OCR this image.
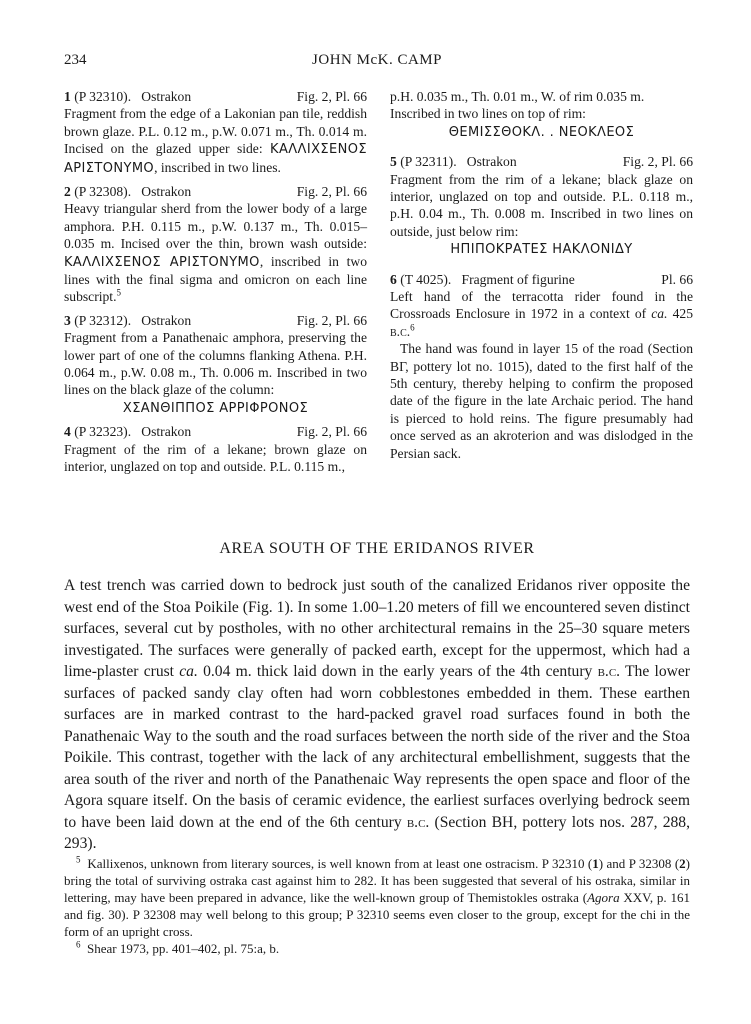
234	JOHN McK. CAMP
1 (P 32310). Ostrakon	Fig. 2, Pl. 66

Fragment from the edge of a Lakonian pan tile, reddish brown glaze. P.L. 0.12 m., p.W. 0.071 m., Th. 0.014 m. Incised on the glazed upper side: ΚΑΛΛΙΧΣΕΝΟΣ ΑΡΙΣΤΟΝΥΜΟ, inscribed in two lines.

2 (P 32308). Ostrakon	Fig. 2, Pl. 66

Heavy triangular sherd from the lower body of a large amphora. P.H. 0.115 m., p.W. 0.137 m., Th. 0.015–0.035 m. Incised over the thin, brown wash outside: ΚΑΛΛΙΧΣΕΝΟΣ ΑΡΙΣΤΟΝΥΜΟ, inscribed in two lines with the final sigma and omicron on each line subscript.$^5$

3 (P 32312). Ostrakon	Fig. 2, Pl. 66

Fragment from a Panathenaic amphora, preserving the lower part of one of the columns flanking Athena. P.H. 0.064 m., p.W. 0.08 m., Th. 0.006 m. Inscribed in two lines on the black glaze of the column:

ΧΣΑΝΘΙΠΠΟΣ ΑΡΡΙΦΡΟΝΟΣ

4 (P 32323). Ostrakon	Fig. 2, Pl. 66

Fragment of the rim of a lekane; brown glaze on interior, unglazed on top and outside. P.L. 0.115 m.,

p.H. 0.035 m., Th. 0.01 m., W. of rim 0.035 m. Inscribed in two lines on top of rim:

ΘΕΜΙΣΣΘΟΚΛ. . ΝΕΟΚΛΕΟΣ

5 (P 32311). Ostrakon	Fig. 2, Pl. 66

Fragment from the rim of a lekane; black glaze on interior, unglazed on top and outside. P.L. 0.118 m., p.H. 0.04 m., Th. 0.008 m. Inscribed in two lines on outside, just below rim:

ΗΠΙΠΟΚΡΑΤΕΣ ΗΑΚΛΟΝΙΔΥ

6 (Τ 4025). Fragment of figurine	Pl. 66

Left hand of the terracotta rider found in the Crossroads Enclosure in 1972 in a context of ca. 425 b.c.$^6$

The hand was found in layer 15 of the road (Section ΒΓ, pottery lot no. 1015), dated to the first half of the 5th century, thereby helping to confirm the proposed date of the figure in the late Archaic period. The hand is pierced to hold reins. The figure presumably had once served as an akroterion and was dislodged in the Persian sack.

AREA SOUTH OF THE ERIDANOS RIVER

A test trench was carried down to bedrock just south of the canalized Eridanos river opposite the west end of the Stoa Poikile (Fig. 1). In some 1.00–1.20 meters of fill we encountered seven distinct surfaces, several cut by postholes, with no other architectural remains in the 25–30 square meters investigated. The surfaces were generally of packed earth, except for the uppermost, which had a lime-plaster crust ca. 0.04 m. thick laid down in the early years of the 4th century b.c. The lower surfaces of packed sandy clay often had worn cobblestones embedded in them. These earthen surfaces are in marked contrast to the hard-packed gravel road surfaces found in both the Panathenaic Way to the south and the road surfaces between the north side of the river and the Stoa Poikile. This contrast, together with the lack of any architectural embellishment, suggests that the area south of the river and north of the Panathenaic Way represents the open space and floor of the Agora square itself. On the basis of ceramic evidence, the earliest surfaces overlying bedrock seem to have been laid down at the end of the 6th century b.c. (Section BH, pottery lots nos. 287, 288, 293).

$^5$ Kallixenos, unknown from literary sources, is well known from at least one ostracism. P 32310 (1) and P 32308 (2) bring the total of surviving ostraka cast against him to 282. It has been suggested that several of his ostraka, similar in lettering, may have been prepared in advance, like the well-known group of Themistokles ostraka (Agora XXV, p. 161 and fig. 30). P 32308 may well belong to this group; P 32310 seems even closer to the group, except for the chi in the form of an upright cross.

$^6$ Shear 1973, pp. 401–402, pl. 75:a, b.
